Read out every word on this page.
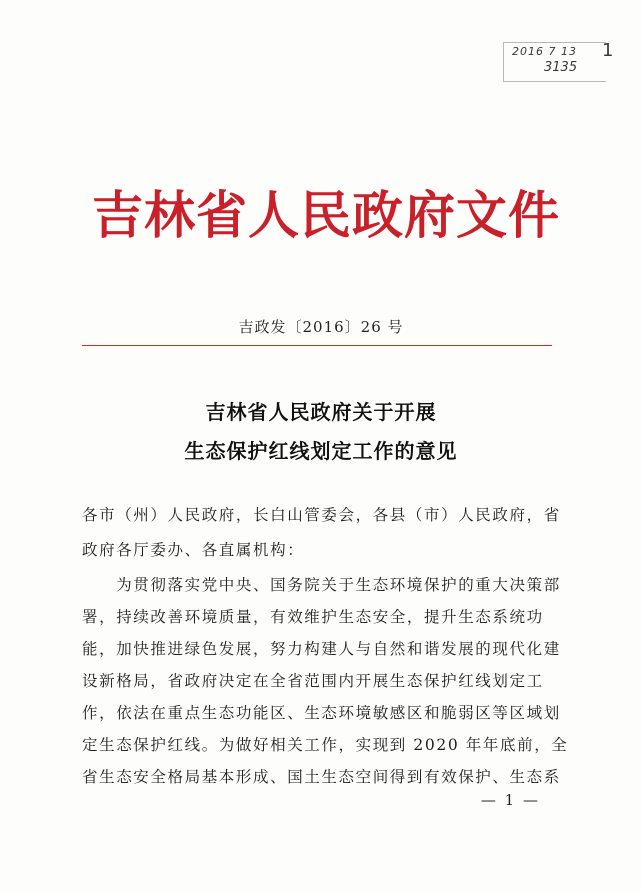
2016 7 13
3135
1
吉林省人民政府文件
吉政发〔2016〕26 号
吉林省人民政府关于开展
生态保护红线划定工作的意见
各市（州）人民政府，长白山管委会，各县（市）人民政府，省
政府各厅委办、各直属机构：
　　为贯彻落实党中央、国务院关于生态环境保护的重大决策部
署，持续改善环境质量，有效维护生态安全，提升生态系统功
能，加快推进绿色发展，努力构建人与自然和谐发展的现代化建
设新格局，省政府决定在全省范围内开展生态保护红线划定工
作，依法在重点生态功能区、生态环境敏感区和脆弱区等区域划
定生态保护红线。为做好相关工作，实现到 2020 年年底前，全
省生态安全格局基本形成、国土生态空间得到有效保护、生态系
— 1 —
